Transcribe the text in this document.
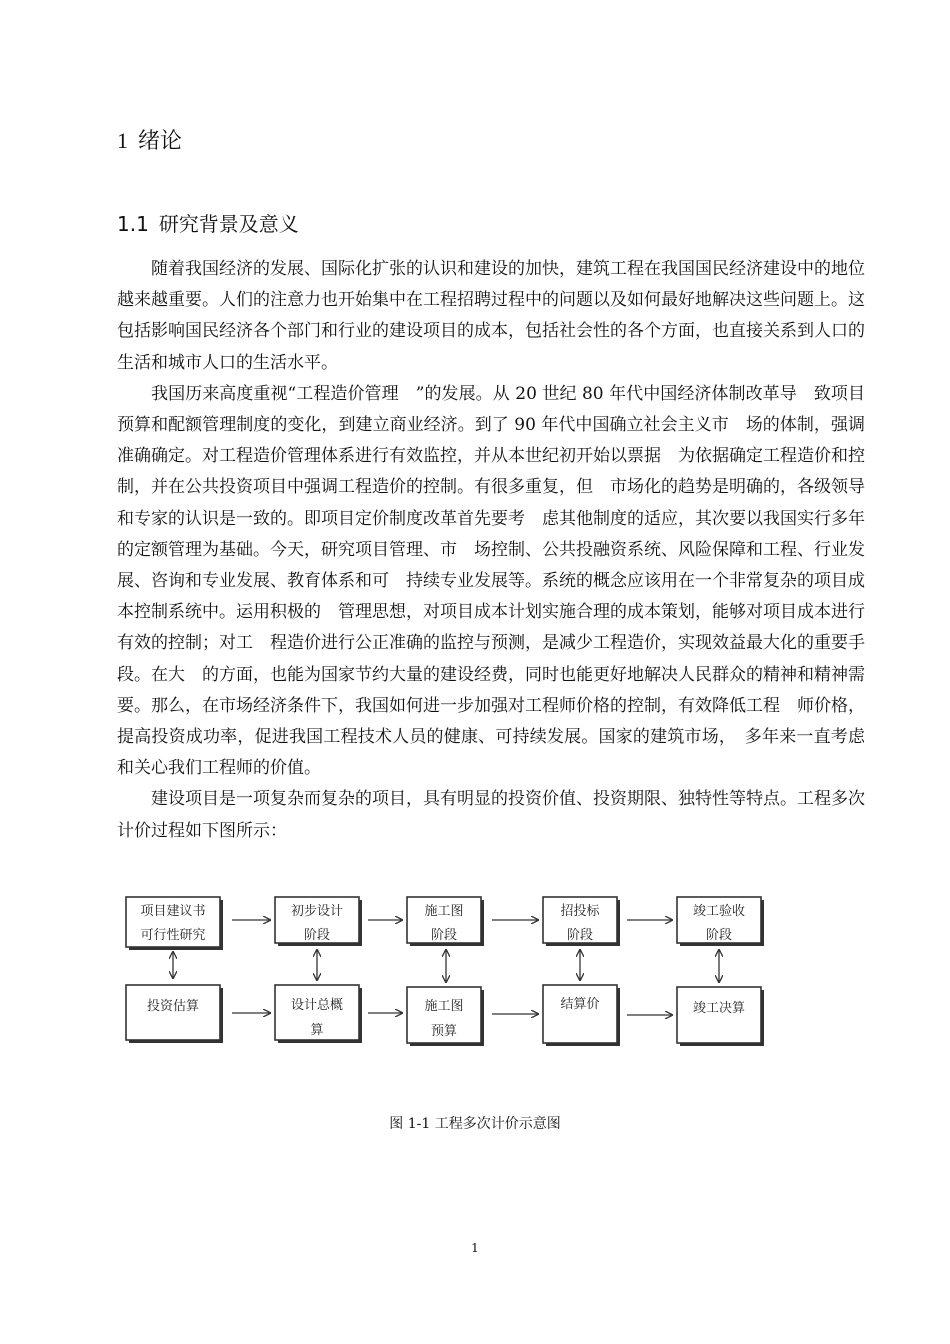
1 绪论
1.1 研究背景及意义

随着我国经济的发展、国际化扩张的认识和建设的加快，建筑工程在我国国民经济建设中的地位越来越重要。人们的注意力也开始集中在工程招聘过程中的问题以及如何最好地解决这些问题上。这包括影响国民经济各个部门和行业的建设项目的成本，包括社会性的各个方面，也直接关系到人口的生活和城市人口的生活水平。

我国历来高度重视“工程造价管理　”的发展。从 20 世纪 80 年代中国经济体制改革导　致项目预算和配额管理制度的变化，到建立商业经济。到了 90 年代中国确立社会主义市　场的体制，强调准确确定。对工程造价管理体系进行有效监控，并从本世纪初开始以票据　为依据确定工程造价和控制，并在公共投资项目中强调工程造价的控制。有很多重复，但　市场化的趋势是明确的，各级领导和专家的认识是一致的。即项目定价制度改革首先要考　虑其他制度的适应，其次要以我国实行多年的定额管理为基础。今天，研究项目管理、市　场控制、公共投融资系统、风险保障和工程、行业发展、咨询和专业发展、教育体系和可　持续专业发展等。系统的概念应该用在一个非常复杂的项目成本控制系统中。运用积极的　管理思想，对项目成本计划实施合理的成本策划，能够对项目成本进行有效的控制；对工　程造价进行公正准确的监控与预测，是减少工程造价，实现效益最大化的重要手段。在大　的方面，也能为国家节约大量的建设经费，同时也能更好地解决人民群众的精神和精神需　要。那么，在市场经济条件下，我国如何进一步加强对工程师价格的控制，有效降低工程　师价格，提高投资成功率，促进我国工程技术人员的健康、可持续发展。国家的建筑市场，　多年来一直考虑和关心我们工程师的价值。

建设项目是一项复杂而复杂的项目，具有明显的投资价值、投资期限、独特性等特点。工程多次计价过程如下图所示：

项目建议书
可行性研究
初步设计
阶段
施工图
阶段
招投标
阶段
竣工验收
阶段
投资估算	设计总概
算
施工图
预算
结算价	竣工决算
图 1-1 工程多次计价示意图
1
